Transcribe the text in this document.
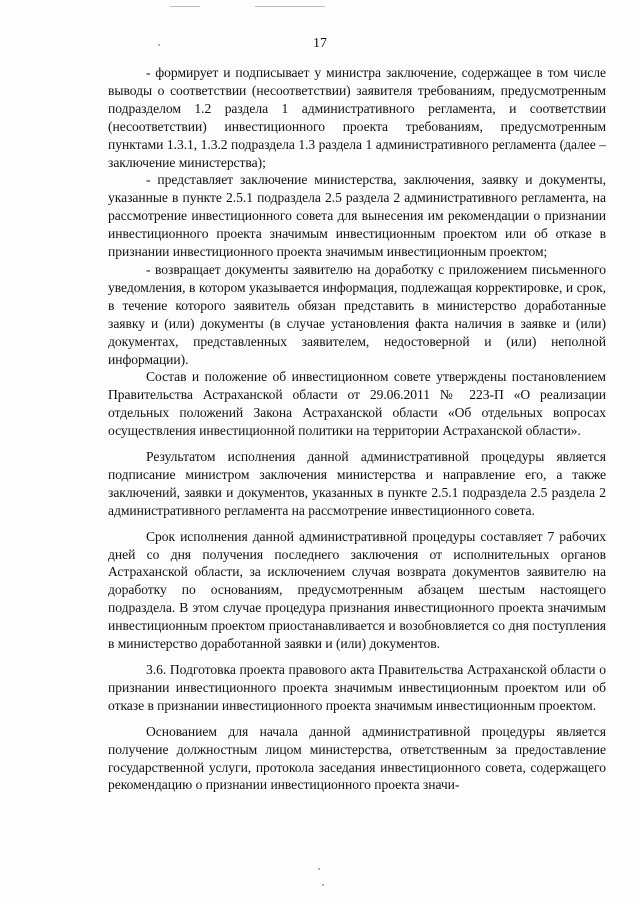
17

- формирует и подписывает у министра заключение, содержащее в том числе выводы о соответствии (несоответствии) заявителя требованиям, предусмотренным подразделом 1.2 раздела 1 административного регламента, и соответствии (несоответствии) инвестиционного проекта требованиям, предусмотренным пунктами 1.3.1, 1.3.2 подраздела 1.3 раздела 1 административного регламента (далее – заключение министерства);

- представляет заключение министерства, заключения, заявку и документы, указанные в пункте 2.5.1 подраздела 2.5 раздела 2 административного регламента, на рассмотрение инвестиционного совета для вынесения им рекомендации о признании инвестиционного проекта значимым инвестиционным проектом или об отказе в признании инвестиционного проекта значимым инвестиционным проектом;

- возвращает документы заявителю на доработку с приложением письменного уведомления, в котором указывается информация, подлежащая корректировке, и срок, в течение которого заявитель обязан представить в министерство доработанные заявку и (или) документы (в случае установления факта наличия в заявке и (или) документах, представленных заявителем, недостоверной и (или) неполной информации).

Состав и положение об инвестиционном совете утверждены постановлением Правительства Астраханской области от 29.06.2011 № 223-П «О реализации отдельных положений Закона Астраханской области «Об отдельных вопросах осуществления инвестиционной политики на территории Астраханской области».

Результатом исполнения данной административной процедуры является подписание министром заключения министерства и направление его, а также заключений, заявки и документов, указанных в пункте 2.5.1 подраздела 2.5 раздела 2 административного регламента на рассмотрение инвестиционного совета.

Срок исполнения данной административной процедуры составляет 7 рабочих дней со дня получения последнего заключения от исполнительных органов Астраханской области, за исключением случая возврата документов заявителю на доработку по основаниям, предусмотренным абзацем шестым настоящего подраздела. В этом случае процедура признания инвестиционного проекта значимым инвестиционным проектом приостанавливается и возобновляется со дня поступления в министерство доработанной заявки и (или) документов.

3.6. Подготовка проекта правового акта Правительства Астраханской области о признании инвестиционного проекта значимым инвестиционным проектом или об отказе в признании инвестиционного проекта значимым инвестиционным проектом.

Основанием для начала данной административной процедуры является получение должностным лицом министерства, ответственным за предоставление государственной услуги, протокола заседания инвестиционного совета, содержащего рекомендацию о признании инвестиционного проекта значи-
